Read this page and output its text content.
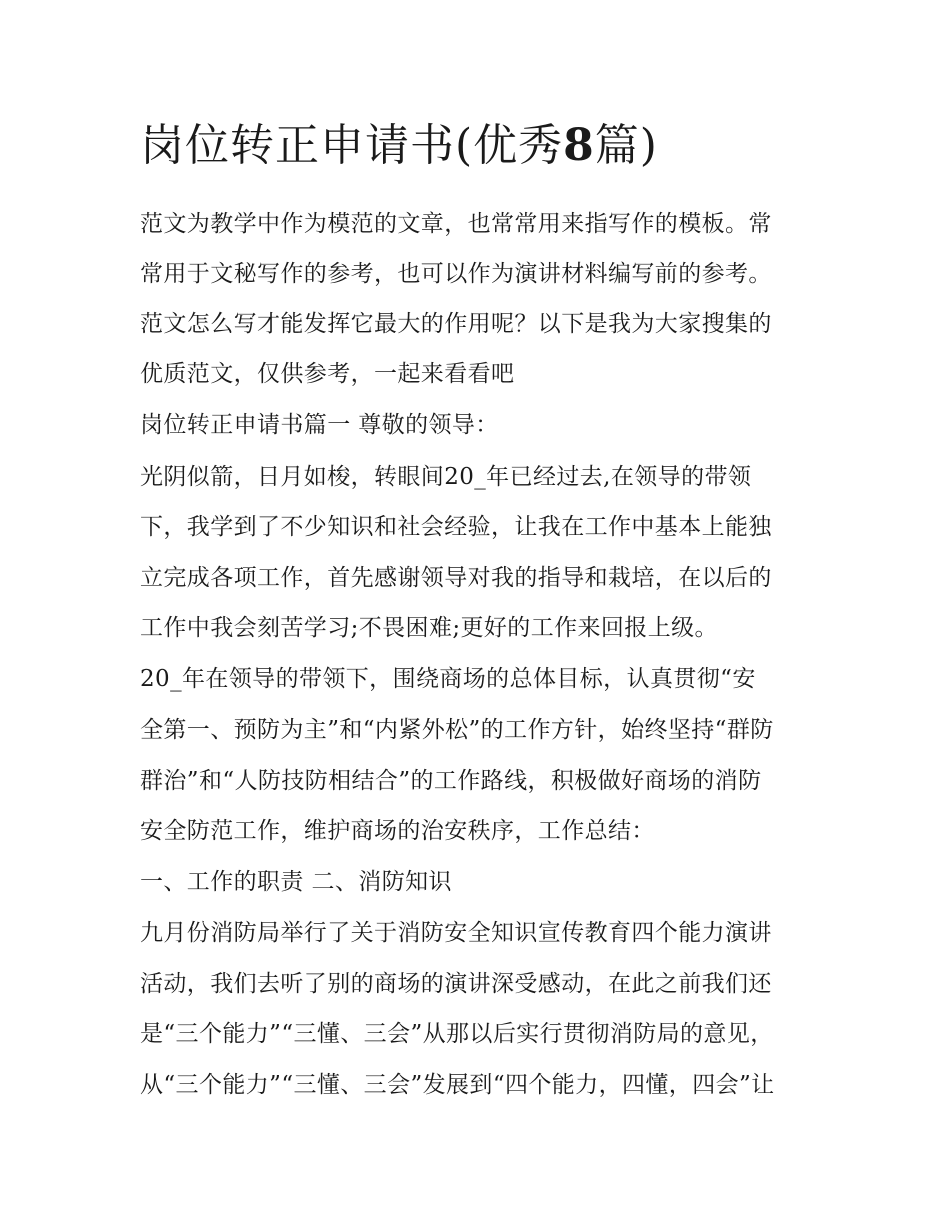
岗位转正申请书(优秀8篇)

范文为教学中作为模范的文章，也常常用来指写作的模板。常

常用于文秘写作的参考，也可以作为演讲材料编写前的参考。

范文怎么写才能发挥它最大的作用呢？以下是我为大家搜集的

优质范文，仅供参考，一起来看看吧

岗位转正申请书篇一 尊敬的领导：

光阴似箭，日月如梭，转眼间20_年已经过去,在领导的带领

下，我学到了不少知识和社会经验，让我在工作中基本上能独

立完成各项工作，首先感谢领导对我的指导和栽培，在以后的

工作中我会刻苦学习;不畏困难;更好的工作来回报上级。

20_年在领导的带领下，围绕商场的总体目标，认真贯彻“安

全第一、预防为主”和“内紧外松”的工作方针，始终坚持“群防

群治”和“人防技防相结合”的工作路线，积极做好商场的消防

安全防范工作，维护商场的治安秩序，工作总结：

一、工作的职责 二、消防知识

九月份消防局举行了关于消防安全知识宣传教育四个能力演讲

活动，我们去听了别的商场的演讲深受感动，在此之前我们还

是“三个能力”“三懂、三会”从那以后实行贯彻消防局的意见，

从“三个能力”“三懂、三会”发展到“四个能力，四懂，四会”让
